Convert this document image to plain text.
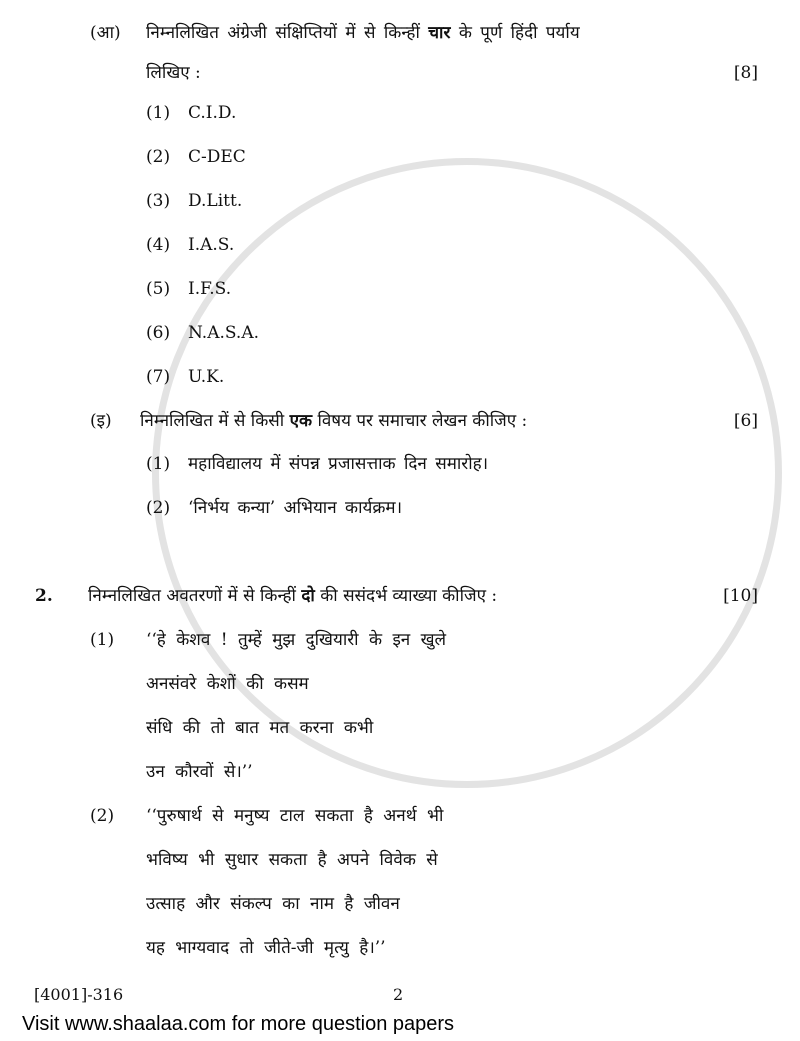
(आ) निम्नलिखित अंग्रेजी संक्षिप्तियों में से किन्हीं चार के पूर्ण हिंदी पर्याय
लिखिए :	[8]
(1) C.I.D.
(2) C-DEC
(3) D.Litt.
(4) I.A.S.
(5) I.F.S.
(6) N.A.S.A.
(7) U.K.
(इ) निम्नलिखित में से किसी एक विषय पर समाचार लेखन कीजिए :	[6]
(1) महाविद्यालय में संपन्न प्रजासत्ताक दिन समारोह।
(2) ‘निर्भय कन्या’ अभियान कार्यक्रम।
2. निम्नलिखित अवतरणों में से किन्हीं दो की ससंदर्भ व्याख्या कीजिए :	[10]
(1) ‘‘हे केशव ! तुम्हें मुझ दुखियारी के इन खुले
अनसंवरे केशों की कसम
संधि की तो बात मत करना कभी
उन कौरवों से।’’
(2) ‘‘पुरुषार्थ से मनुष्य टाल सकता है अनर्थ भी
भविष्य भी सुधार सकता है अपने विवेक से
उत्साह और संकल्प का नाम है जीवन
यह भाग्यवाद तो जीते-जी मृत्यु है।’’
[4001]-316	2
Visit www.shaalaa.com for more question papers
